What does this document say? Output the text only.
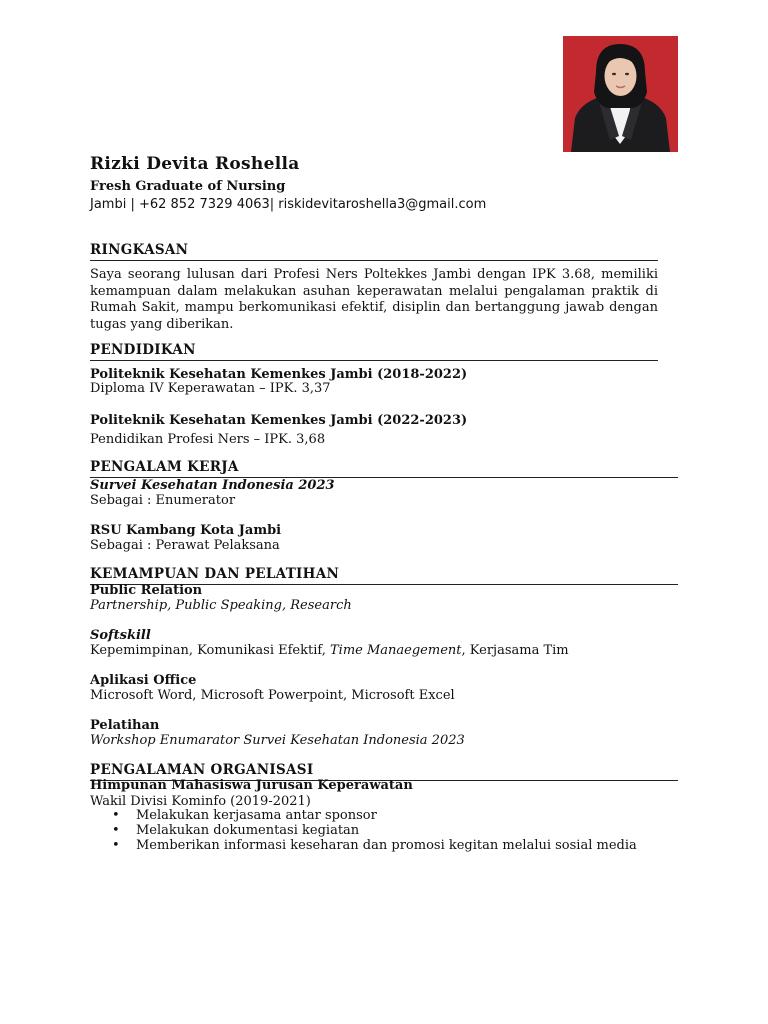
Rizki Devita Roshella
Fresh Graduate of Nursing
Jambi | +62 852 7329 4063| riskidevitaroshella3@gmail.com
RINGKASAN
Saya seorang lulusan dari Profesi Ners Poltekkes Jambi dengan IPK 3.68, memiliki kemampuan dalam melakukan asuhan keperawatan melalui pengalaman praktik di Rumah Sakit, mampu berkomunikasi efektif, disiplin dan bertanggung jawab dengan tugas yang diberikan.
PENDIDIKAN
Politeknik Kesehatan Kemenkes Jambi (2018-2022)
Diploma IV Keperawatan – IPK. 3,37
Politeknik Kesehatan Kemenkes Jambi (2022-2023)
Pendidikan Profesi Ners – IPK. 3,68
PENGALAM KERJA
Survei Kesehatan Indonesia 2023
Sebagai : Enumerator
RSU Kambang Kota Jambi
Sebagai : Perawat Pelaksana
KEMAMPUAN DAN PELATIHAN
Public Relation
Partnership, Public Speaking, Research
Softskill
Kepemimpinan, Komunikasi Efektif, Time Manaegement, Kerjasama Tim
Aplikasi Office
Microsoft Word, Microsoft Powerpoint, Microsoft Excel
Pelatihan
Workshop Enumarator Survei Kesehatan Indonesia 2023
PENGALAMAN ORGANISASI
Himpunan Mahasiswa Jurusan Keperawatan
Wakil Divisi Kominfo (2019-2021)
• Melakukan kerjasama antar sponsor
• Melakukan dokumentasi kegiatan
• Memberikan informasi keseharan dan promosi kegitan melalui sosial media
